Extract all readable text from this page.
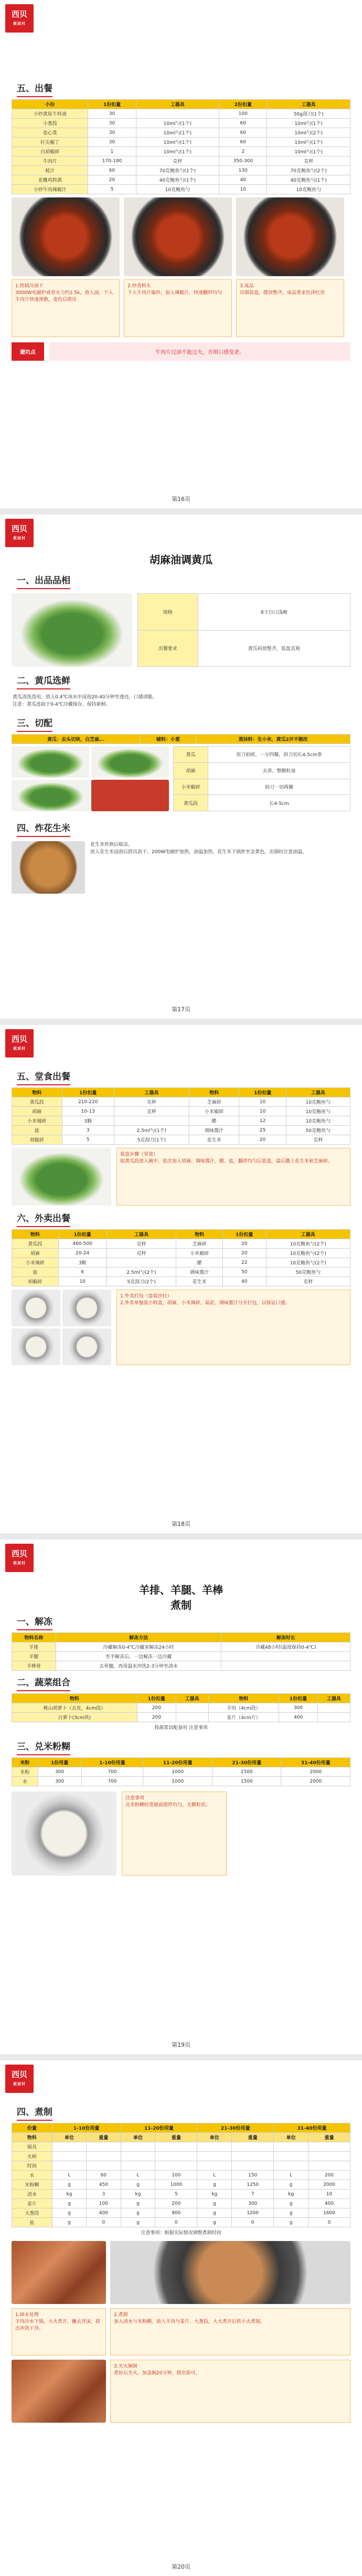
西贝
莜面村
五、出餐
小份	1份扣量	工器具	2份扣量	工器具
小炒黄原牛料油	30		100	50g刮刀(1个)
小葱段	30	10ml勺(1个)	60	10ml勺(1个)
卷心菜	30	10ml勺(1个)	60	10ml勺(2个)
红尖椒丁	30	10ml勺(1个)	60	10ml勺(1个)
白胡椒碎	1	10ml勺(1个)	2	10ml勺(1个)
牛肉片	170-180	克秤	350-300	克秤
蚝汁	60	70克鲍鱼勺(1个)	130	70克鲍鱼勺(2个)
花雕鸡料酒	20	40克鲍鱼勺(1个)	40	40克鲍鱼勺(1个)
小炒牛肉辣椒汁	5	10克鲍鱼勺	10	10克鲍鱼勺
1.热锅冷油下
3000W电磁炉或者火力约1.5k，放入油，下入牛肉片快速滑散，变色后捞出
2.炒香料头
下入牛肉片煸炒，加入辣椒汁，快速翻炒均匀
3.成品
出锅装盘，摆放整齐，成品要求色泽红亮
避坑点	牛肉片过油不能过火，否则口感变老。
第16页
西贝
莜面村
胡麻油调黄瓜
一、出品品相
规格	8寸白口浅碗
出餐要求	黄瓜码放整齐，装盘美观
二、黄瓜选鲜
黄瓜清洗选用，放入0.4℃冰水中浸泡20-40分钟至透亮，口感清脆。
注意：黄瓜选取于0-4℃冷藏保存，保持新鲜。
三、切配
黄瓜：去头切块，白芝麻...	辅料：小葱	蒸抹料：生小米，黄瓜2开不顺改
黄瓜	用刀拍碎，一分四瓣，斜刀切长4-5cm条
胡麻	去蒂，整颗粒备
小米椒碎	斜刀一切两瓣
黄瓜段	长4-5cm
四、炸花生米
花生米炸熟后晾凉。
放入花生米浸泡后捞出沥干，200W电磁炉加热，油温加热，花生米下锅炸至金黄色，出锅时注意油温。
第17页
西贝
莜面村
五、堂食出餐
物料	1份扣量	工器具	物料	1份扣量	工器具
黄瓜段	210-220	克秤	芝麻碎	10	10克鲍鱼勺
胡麻	10-13	克秤	小米椒碎	10	10克鲍鱼勺
小米辣碎	3颗		醋	12	10克鲍鱼勺
盐	3	2.5ml勺(1个)	调味酱汁	25	50克鲍鱼勺
胡椒碎	5	5克刮刀(1个)	花生米	20	克秤
装盘步骤（堂食）
取黄瓜段放入碗中，依次加入胡麻、调味酱汁、醋、盐，翻拌均匀后装盘，最后撒上花生米和芝麻碎。
六、外卖出餐
物料	1份扣量	工器具	物料	1份扣量	工器具
黄瓜段	460-500	克秤	芝麻碎	20	10克鲍鱼勺(2个)
胡麻	20-24	克秤	小米椒碎	20	10克鲍鱼勺(2个)
小米辣碎	3颗		醋	22	10克鲍鱼勺(2个)
盐	6	2.5ml勺(2个)	调味酱汁	50	50克鲍鱼勺
胡椒碎	10	5克刮刀(2个)	花生米	40	克秤
1.外卖打包（盒装沙拉）
2.外卖单独装小料盒，胡麻、小米辣碎、蒜泥、调味酱汁分开打包，以保证口感。
第18页
西贝
莜面村
羊排、羊腿、羊棒
煮制
一、解冻
物料名称	解冻方法	解冻时长
羊排	冷藏解冻0-4℃冷藏室解冻24小时	冷藏48小时(温度保持0-4℃)
羊腿	至半解冻后，一边解冻一边冷藏	
羊棒骨	去骨髓，再用温水冲洗2-3分钟至清水	
二、蔬菜组合
物料	1份扣量	工器具	物料	1份扣量	工器具
桃山胡萝卜（去皮，4cm段）	200		羊肉（4cm段）	300	
白萝卜(3cm块)	200		姜片（4cm片）	400	
将蔬菜切配备用 注意事项
三、兑米粉糊
米粉	1份用量	1-10份用量	11-20份用量	21-30份用量	31-40份用量
米粉	300	700	1000	1500	2000
水	300	700	1000	1500	2000
注意事项
兑米粉糊时需提前搅拌均匀，无颗粒状。
第19页
西贝
莜面村
四、煮制
份量	1-10份用量		11-20份用量		21-30份用量		31-40份用量	
物料	单位	重量	单位	重量	单位	重量	单位	重量
锅具								
火候								
时间								
水	L	60	L	100	L	150	L	200
米粉糊	g	450	g	1000	g	1250	g	2000
清水	kg	3	kg	5	kg	7	kg	10
姜片	g	100	g	200	g	300	g	400
大葱段	g	400	g	900	g	1200	g	1600
盐	g	0	g	0	g	0	g	0
注意事项：根据实际情况调整煮制时间
1.焯水处理
羊肉冷水下锅，大火煮开，撇去浮沫，捞出冲洗干净。
2.煮制
加入清水与米粉糊，放入羊肉与姜片、大葱段，大火煮开后转小火煮制。
3.关火焖制
煮好后关火，加盖焖20分钟，捞出即可。
第20页
